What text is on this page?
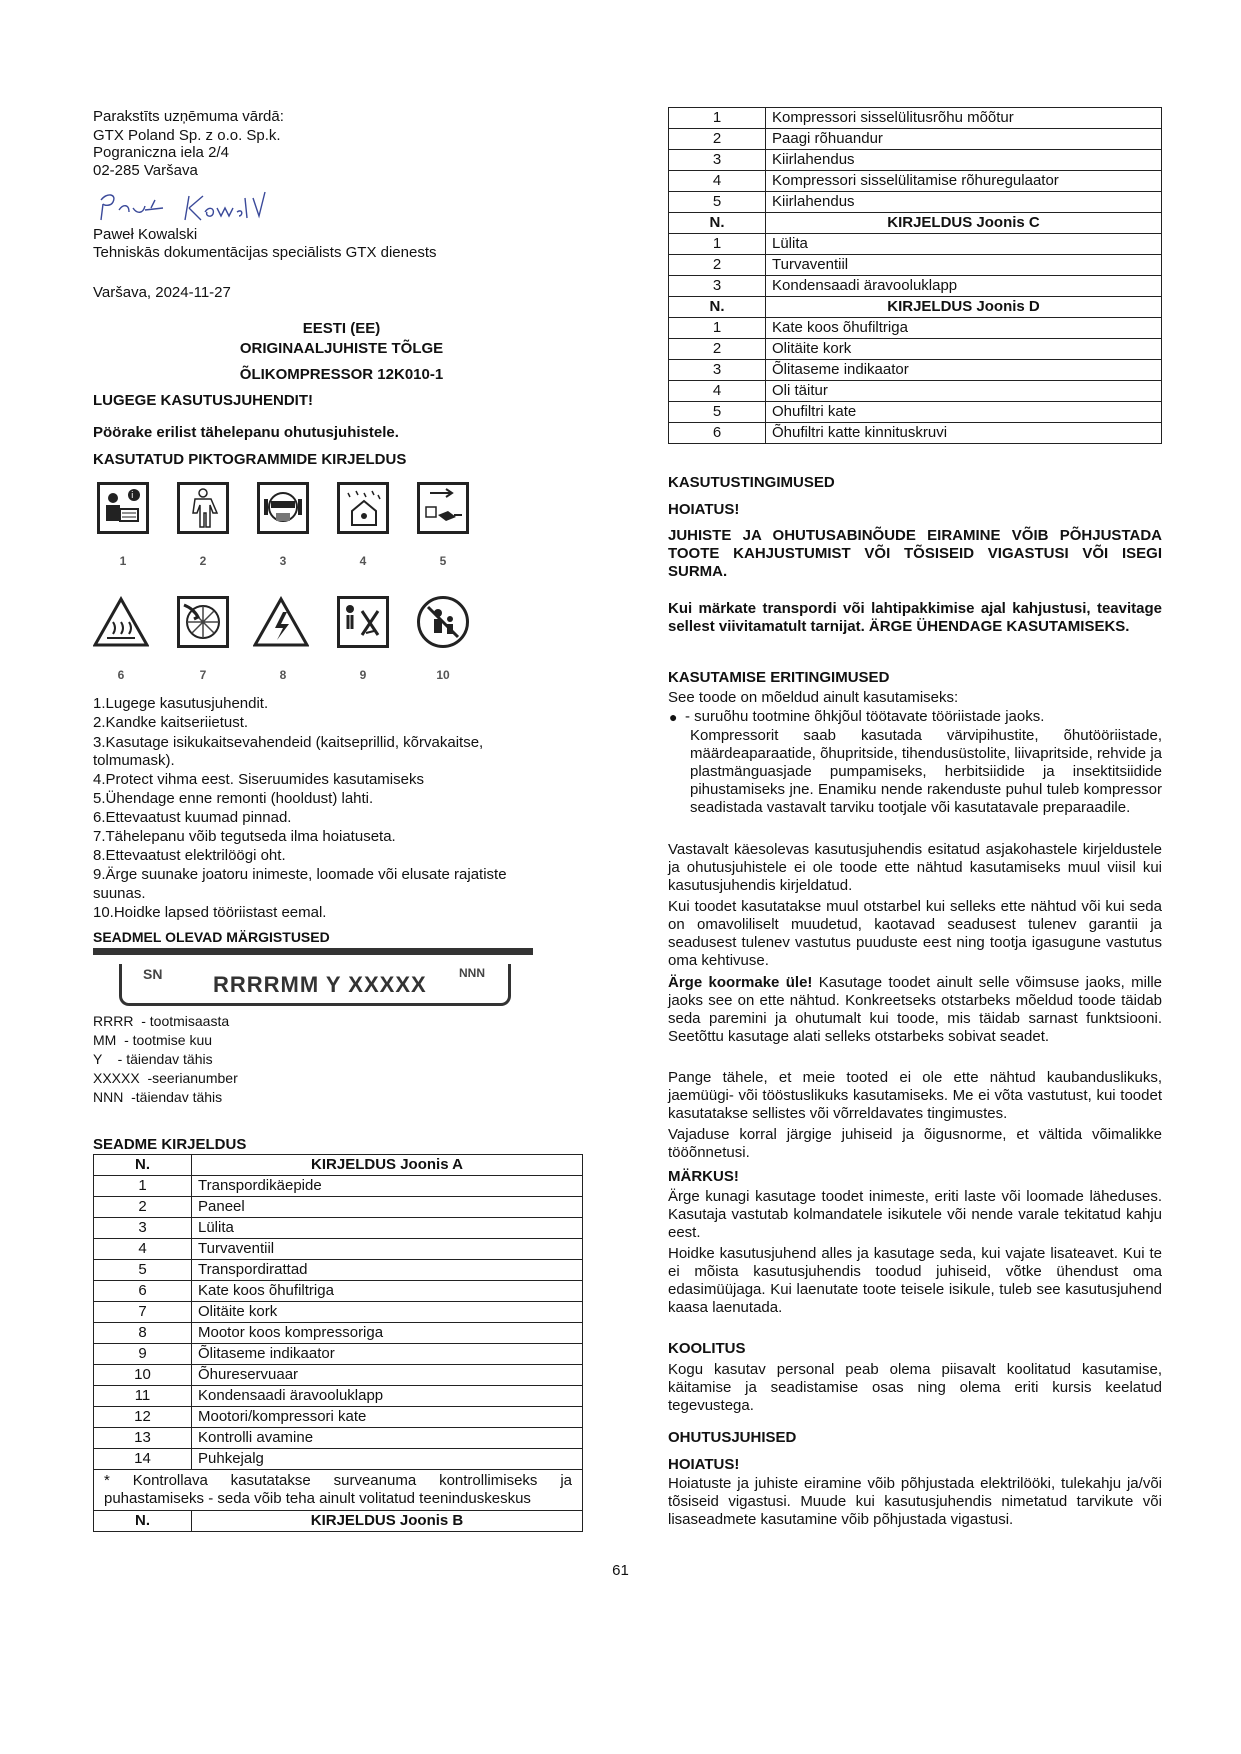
Parakstīts uzņēmuma vārdā:
GTX Poland Sp. z o.o. Sp.k.
Pograniczna iela 2/4
02-285 Varšava
Paweł Kowalski
Tehniskās dokumentācijas speciālists GTX dienests
Varšava, 2024-11-27
EESTI (EE)
ORIGINAALJUHISTE TÕLGE
ÕLIKOMPRESSOR 12K010-1
LUGEGE KASUTUSJUHENDIT!
Pöörake erilist tähelepanu ohutusjuhistele.
KASUTATUD PIKTOGRAMMIDE KIRJELDUS
i
1	2	3	4	5
6	7	8	9	10
1.Lugege kasutusjuhendit.
2.Kandke kaitseriietust.
3.Kasutage isikukaitsevahendeid (kaitseprillid, kõrvakaitse,
tolmumask).
4.Protect vihma eest. Siseruumides kasutamiseks
5.Ühendage enne remonti (hooldust) lahti.
6.Ettevaatust kuumad pinnad.
7.Tähelepanu võib tegutseda ilma hoiatuseta.
8.Ettevaatust elektrilöögi oht.
9.Ärge suunake joatoru inimeste, loomade või elusate rajatiste
suunas.
10.Hoidke lapsed tööriistast eemal.
SEADMEL OLEVAD MÄRGISTUSED
SN RRRRMM Y XXXXX	NNN
RRRR  - tootmisaasta
MM  - tootmise kuu
Y    - täiendav tähis
XXXXX  -seerianumber
NNN  -täiendav tähis
SEADME KIRJELDUS
N.	KIRJELDUS Joonis A
1	Transpordikäepide
2	Paneel
3	Lülita
4	Turvaventiil
5	Transpordirattad
6	Kate koos õhufiltriga
7	Olitäite kork
8	Mootor koos kompressoriga
9	Õlitaseme indikaator
10	Õhureservuaar
11	Kondensaadi äravooluklapp
12	Mootori/kompressori kate
13	Kontrolli avamine
14	Puhkejalg
* Kontrollava kasutatakse surveanuma kontrollimiseks ja puhastamiseks - seda võib teha ainult volitatud teeninduskeskus	
N.	KIRJELDUS Joonis B
1	Kompressori sisselülitusrõhu mõõtur
2	Paagi rõhuandur
3	Kiirlahendus
4	Kompressori sisselülitamise rõhuregulaator
5	Kiirlahendus
N.	KIRJELDUS Joonis C
1	Lülita
2	Turvaventiil
3	Kondensaadi äravooluklapp
N.	KIRJELDUS Joonis D
1	Kate koos õhufiltriga
2	Olitäite kork
3	Õlitaseme indikaator
4	Oli täitur
5	Ohufiltri kate
6	Õhufiltri katte kinnituskruvi
KASUTUSTINGIMUSED
HOIATUS!
JUHISTE JA OHUTUSABINÕUDE EIRAMINE VÕIB PÕHJUSTADA TOOTE KAHJUSTUMIST VÕI TÕSISEID VIGASTUSI VÕI ISEGI SURMA.
Kui märkate transpordi või lahtipakkimise ajal kahjustusi, teavitage sellest viivitamatult tarnijat. ÄRGE ÜHENDAGE KASUTAMISEKS.
KASUTAMISE ERITINGIMUSED
See toode on mõeldud ainult kasutamiseks:
● - suruõhu tootmine õhkjõul töötavate tööriistade jaoks.
Kompressorit saab kasutada värvipihustite, õhutööriistade, määrdeaparaatide, õhupritside, tihendusüstolite, liivapritside, rehvide ja plastmänguasjade pumpamiseks, herbitsiidide ja insektitsiidide pihustamiseks jne. Enamiku nende rakenduste puhul tuleb kompressor seadistada vastavalt tarviku tootjale või kasutatavale preparaadile.
Vastavalt käesolevas kasutusjuhendis esitatud asjakohastele kirjeldustele ja ohutusjuhistele ei ole toode ette nähtud kasutamiseks muul viisil kui kasutusjuhendis kirjeldatud.
Kui toodet kasutatakse muul otstarbel kui selleks ette nähtud või kui seda on omavoliliselt muudetud, kaotavad seadusest tulenev garantii ja seadusest tulenev vastutus puuduste eest ning tootja igasugune vastutus oma kehtivuse.
Ärge koormake üle! Kasutage toodet ainult selle võimsuse jaoks, mille jaoks see on ette nähtud. Konkreetseks otstarbeks mõeldud toode täidab seda paremini ja ohutumalt kui toode, mis täidab sarnast funktsiooni. Seetõttu kasutage alati selleks otstarbeks sobivat seadet.
Pange tähele, et meie tooted ei ole ette nähtud kaubanduslikuks, jaemüügi- või tööstuslikuks kasutamiseks. Me ei võta vastutust, kui toodet kasutatakse sellistes või võrreldavates tingimustes.
Vajaduse korral järgige juhiseid ja õigusnorme, et vältida võimalikke tööõnnetusi.
MÄRKUS!
Ärge kunagi kasutage toodet inimeste, eriti laste või loomade läheduses. Kasutaja vastutab kolmandatele isikutele või nende varale tekitatud kahju eest.
Hoidke kasutusjuhend alles ja kasutage seda, kui vajate lisateavet. Kui te ei mõista kasutusjuhendis toodud juhiseid, võtke ühendust oma edasimüüjaga. Kui laenutate toote teisele isikule, tuleb see kasutusjuhend kaasa laenutada.
KOOLITUS
Kogu kasutav personal peab olema piisavalt koolitatud kasutamise, käitamise ja seadistamise osas ning olema eriti kursis keelatud tegevustega.
OHUTUSJUHISED
HOIATUS!
Hoiatuste ja juhiste eiramine võib põhjustada elektrilööki, tulekahju ja/või tõsiseid vigastusi. Muude kui kasutusjuhendis nimetatud tarvikute või lisaseadmete kasutamine võib põhjustada vigastusi.
61
